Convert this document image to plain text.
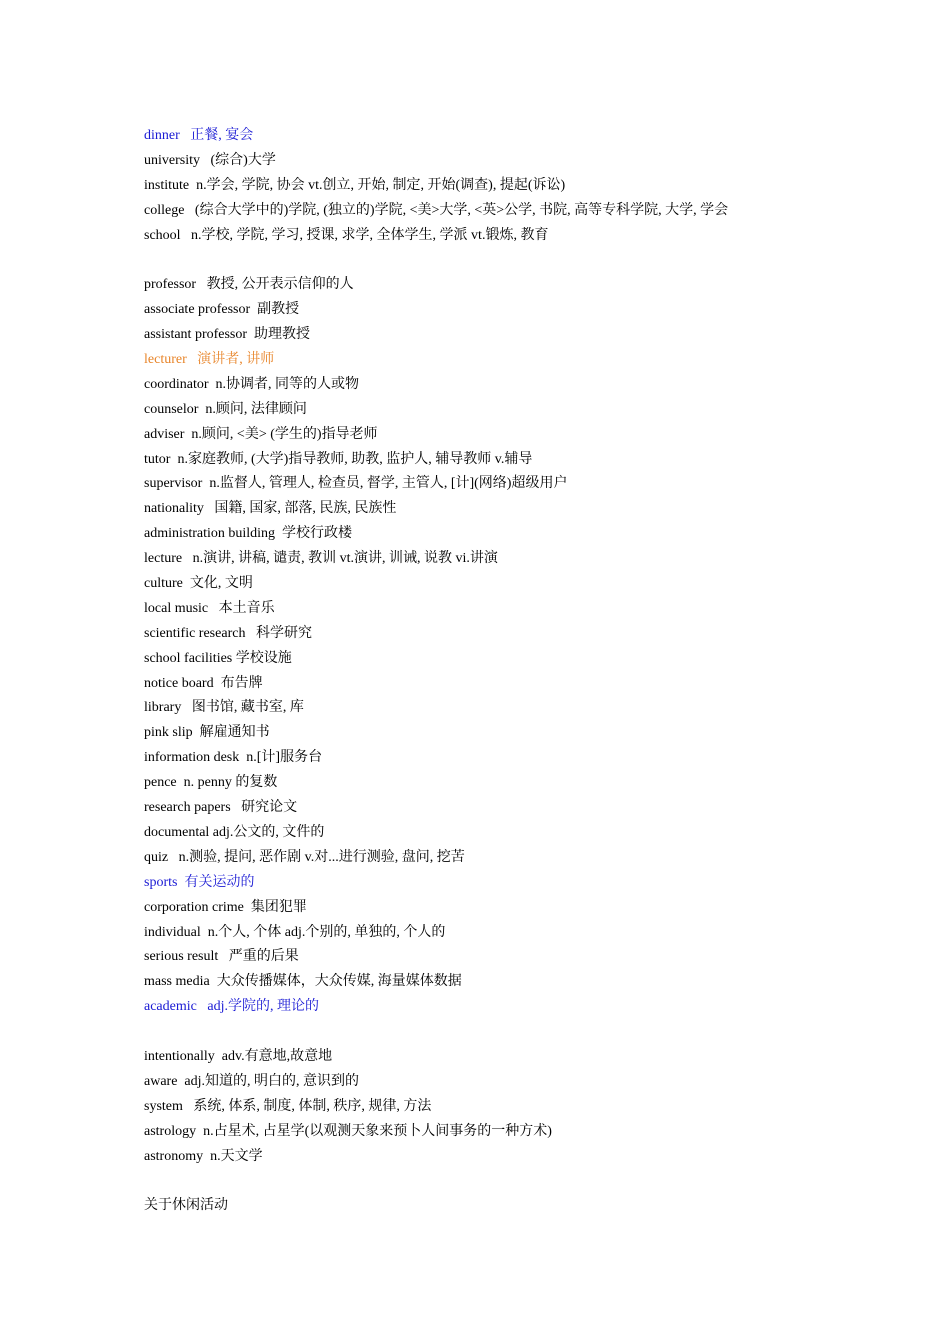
dinner   正餐, 宴会
university   (综合)大学
institute  n.学会, 学院, 协会 vt.创立, 开始, 制定, 开始(调查), 提起(诉讼)
college   (综合大学中的)学院, (独立的)学院, <美>大学, <英>公学, 书院, 高等专科学院, 大学, 学会
school   n.学校, 学院, 学习, 授课, 求学, 全体学生, 学派 vt.锻炼, 教育
professor   教授, 公开表示信仰的人
associate professor  副教授
assistant professor  助理教授
lecturer   演讲者, 讲师
coordinator  n.协调者, 同等的人或物
counselor  n.顾问, 法律顾问
adviser  n.顾问, <美> (学生的)指导老师
tutor  n.家庭教师, (大学)指导教师, 助教, 监护人, 辅导教师 v.辅导
supervisor  n.监督人, 管理人, 检查员, 督学, 主管人, [计](网络)超级用户
nationality   国籍, 国家, 部落, 民族, 民族性
administration building  学校行政楼
lecture   n.演讲, 讲稿, 谴责, 教训 vt.演讲, 训诫, 说教 vi.讲演
culture  文化, 文明
local music   本土音乐
scientific research   科学研究
school facilities 学校设施
notice board  布告牌
library   图书馆, 藏书室, 库
pink slip  解雇通知书
information desk  n.[计]服务台
pence  n. penny 的复数
research papers   研究论文
documental adj.公文的, 文件的
quiz   n.测验, 提问, 恶作剧 v.对...进行测验, 盘问, 挖苦
sports  有关运动的
corporation crime  集团犯罪
individual  n.个人, 个体 adj.个别的, 单独的, 个人的
serious result   严重的后果
mass media  大众传播媒体，大众传媒, 海量媒体数据
academic   adj.学院的, 理论的
intentionally  adv.有意地,故意地
aware  adj.知道的, 明白的, 意识到的
system   系统, 体系, 制度, 体制, 秩序, 规律, 方法
astrology  n.占星术, 占星学(以观测天象来预卜人间事务的一种方术)
astronomy  n.天文学
关于休闲活动
